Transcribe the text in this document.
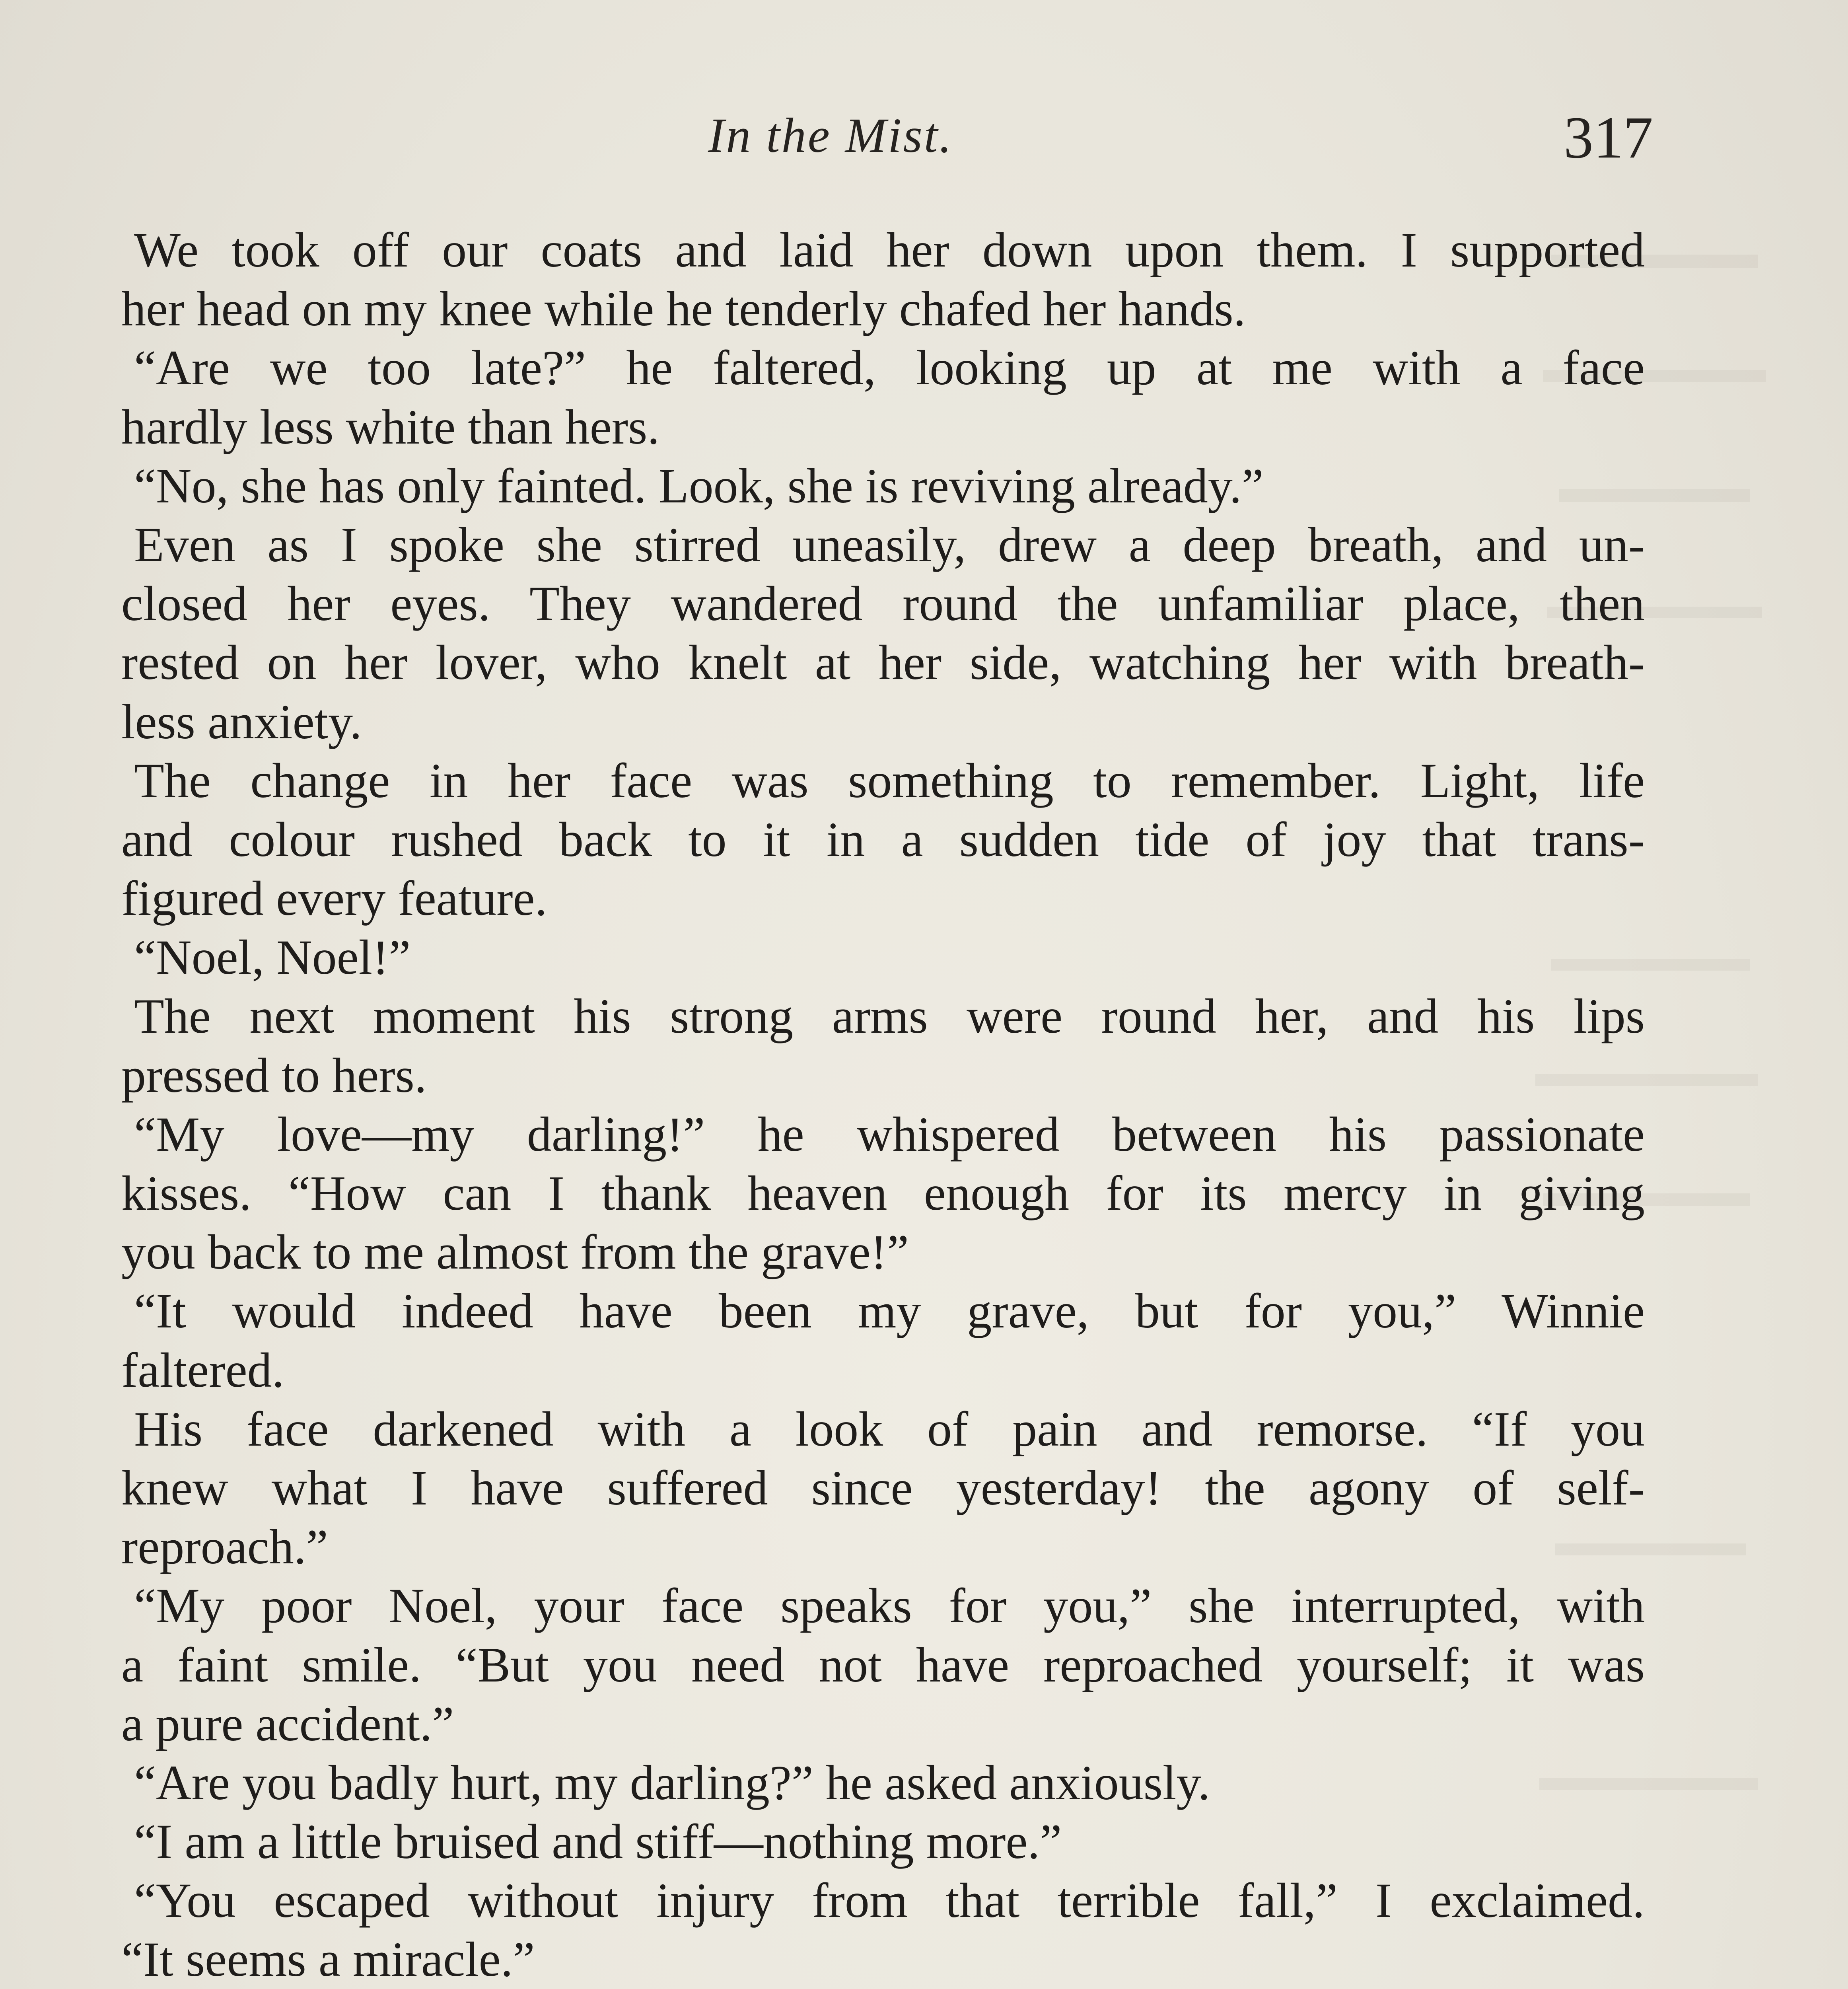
In the Mist.	317
We took off our coats and laid her down upon them. I supported
her head on my knee while he tenderly chafed her hands.
“Are we too late?” he faltered, looking up at me with a face
hardly less white than hers.
“No, she has only fainted. Look, she is reviving already.”
Even as I spoke she stirred uneasily, drew a deep breath, and un-
closed her eyes. They wandered round the unfamiliar place, then
rested on her lover, who knelt at her side, watching her with breath-
less anxiety.
The change in her face was something to remember. Light, life
and colour rushed back to it in a sudden tide of joy that trans-
figured every feature.
“Noel, Noel!”
The next moment his strong arms were round her, and his lips
pressed to hers.
“My love—my darling!” he whispered between his passionate
kisses. “How can I thank heaven enough for its mercy in giving
you back to me almost from the grave!”
“It would indeed have been my grave, but for you,” Winnie
faltered.
His face darkened with a look of pain and remorse. “If you
knew what I have suffered since yesterday! the agony of self-
reproach.”
“My poor Noel, your face speaks for you,” she interrupted, with
a faint smile. “But you need not have reproached yourself; it was
a pure accident.”
“Are you badly hurt, my darling?” he asked anxiously.
“I am a little bruised and stiff—nothing more.”
“You escaped without injury from that terrible fall,” I exclaimed.
“It seems a miracle.”
